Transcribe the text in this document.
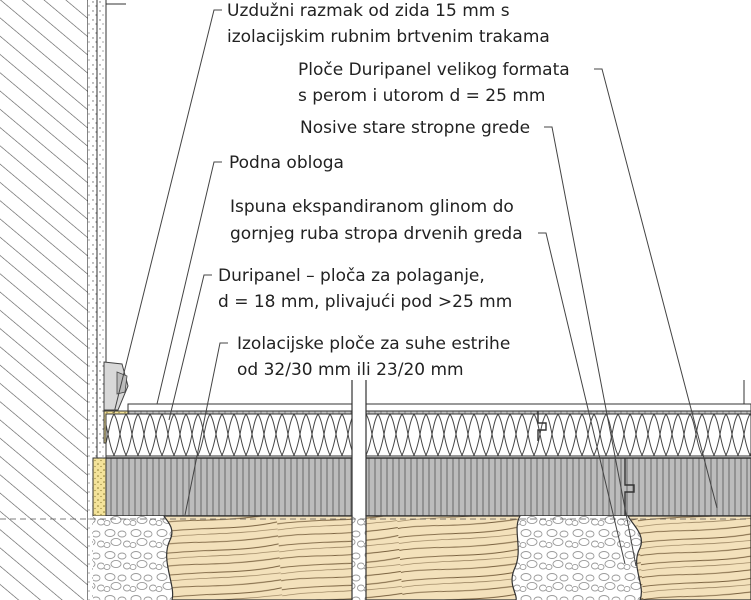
Uzdužni razmak od zida 15 mm s
izolacijskim rubnim brtvenim trakama
Ploče Duripanel velikog formata
s perom i utorom d = 25 mm
Nosive stare stropne grede
Podna obloga
Ispuna ekspandiranom glinom do
gornjeg ruba stropa drvenih greda
Duripanel – ploča za polaganje,
d = 18 mm, plivajući pod >25 mm
Izolacijske ploče za suhe estrihe
od 32/30 mm ili 23/20 mm
